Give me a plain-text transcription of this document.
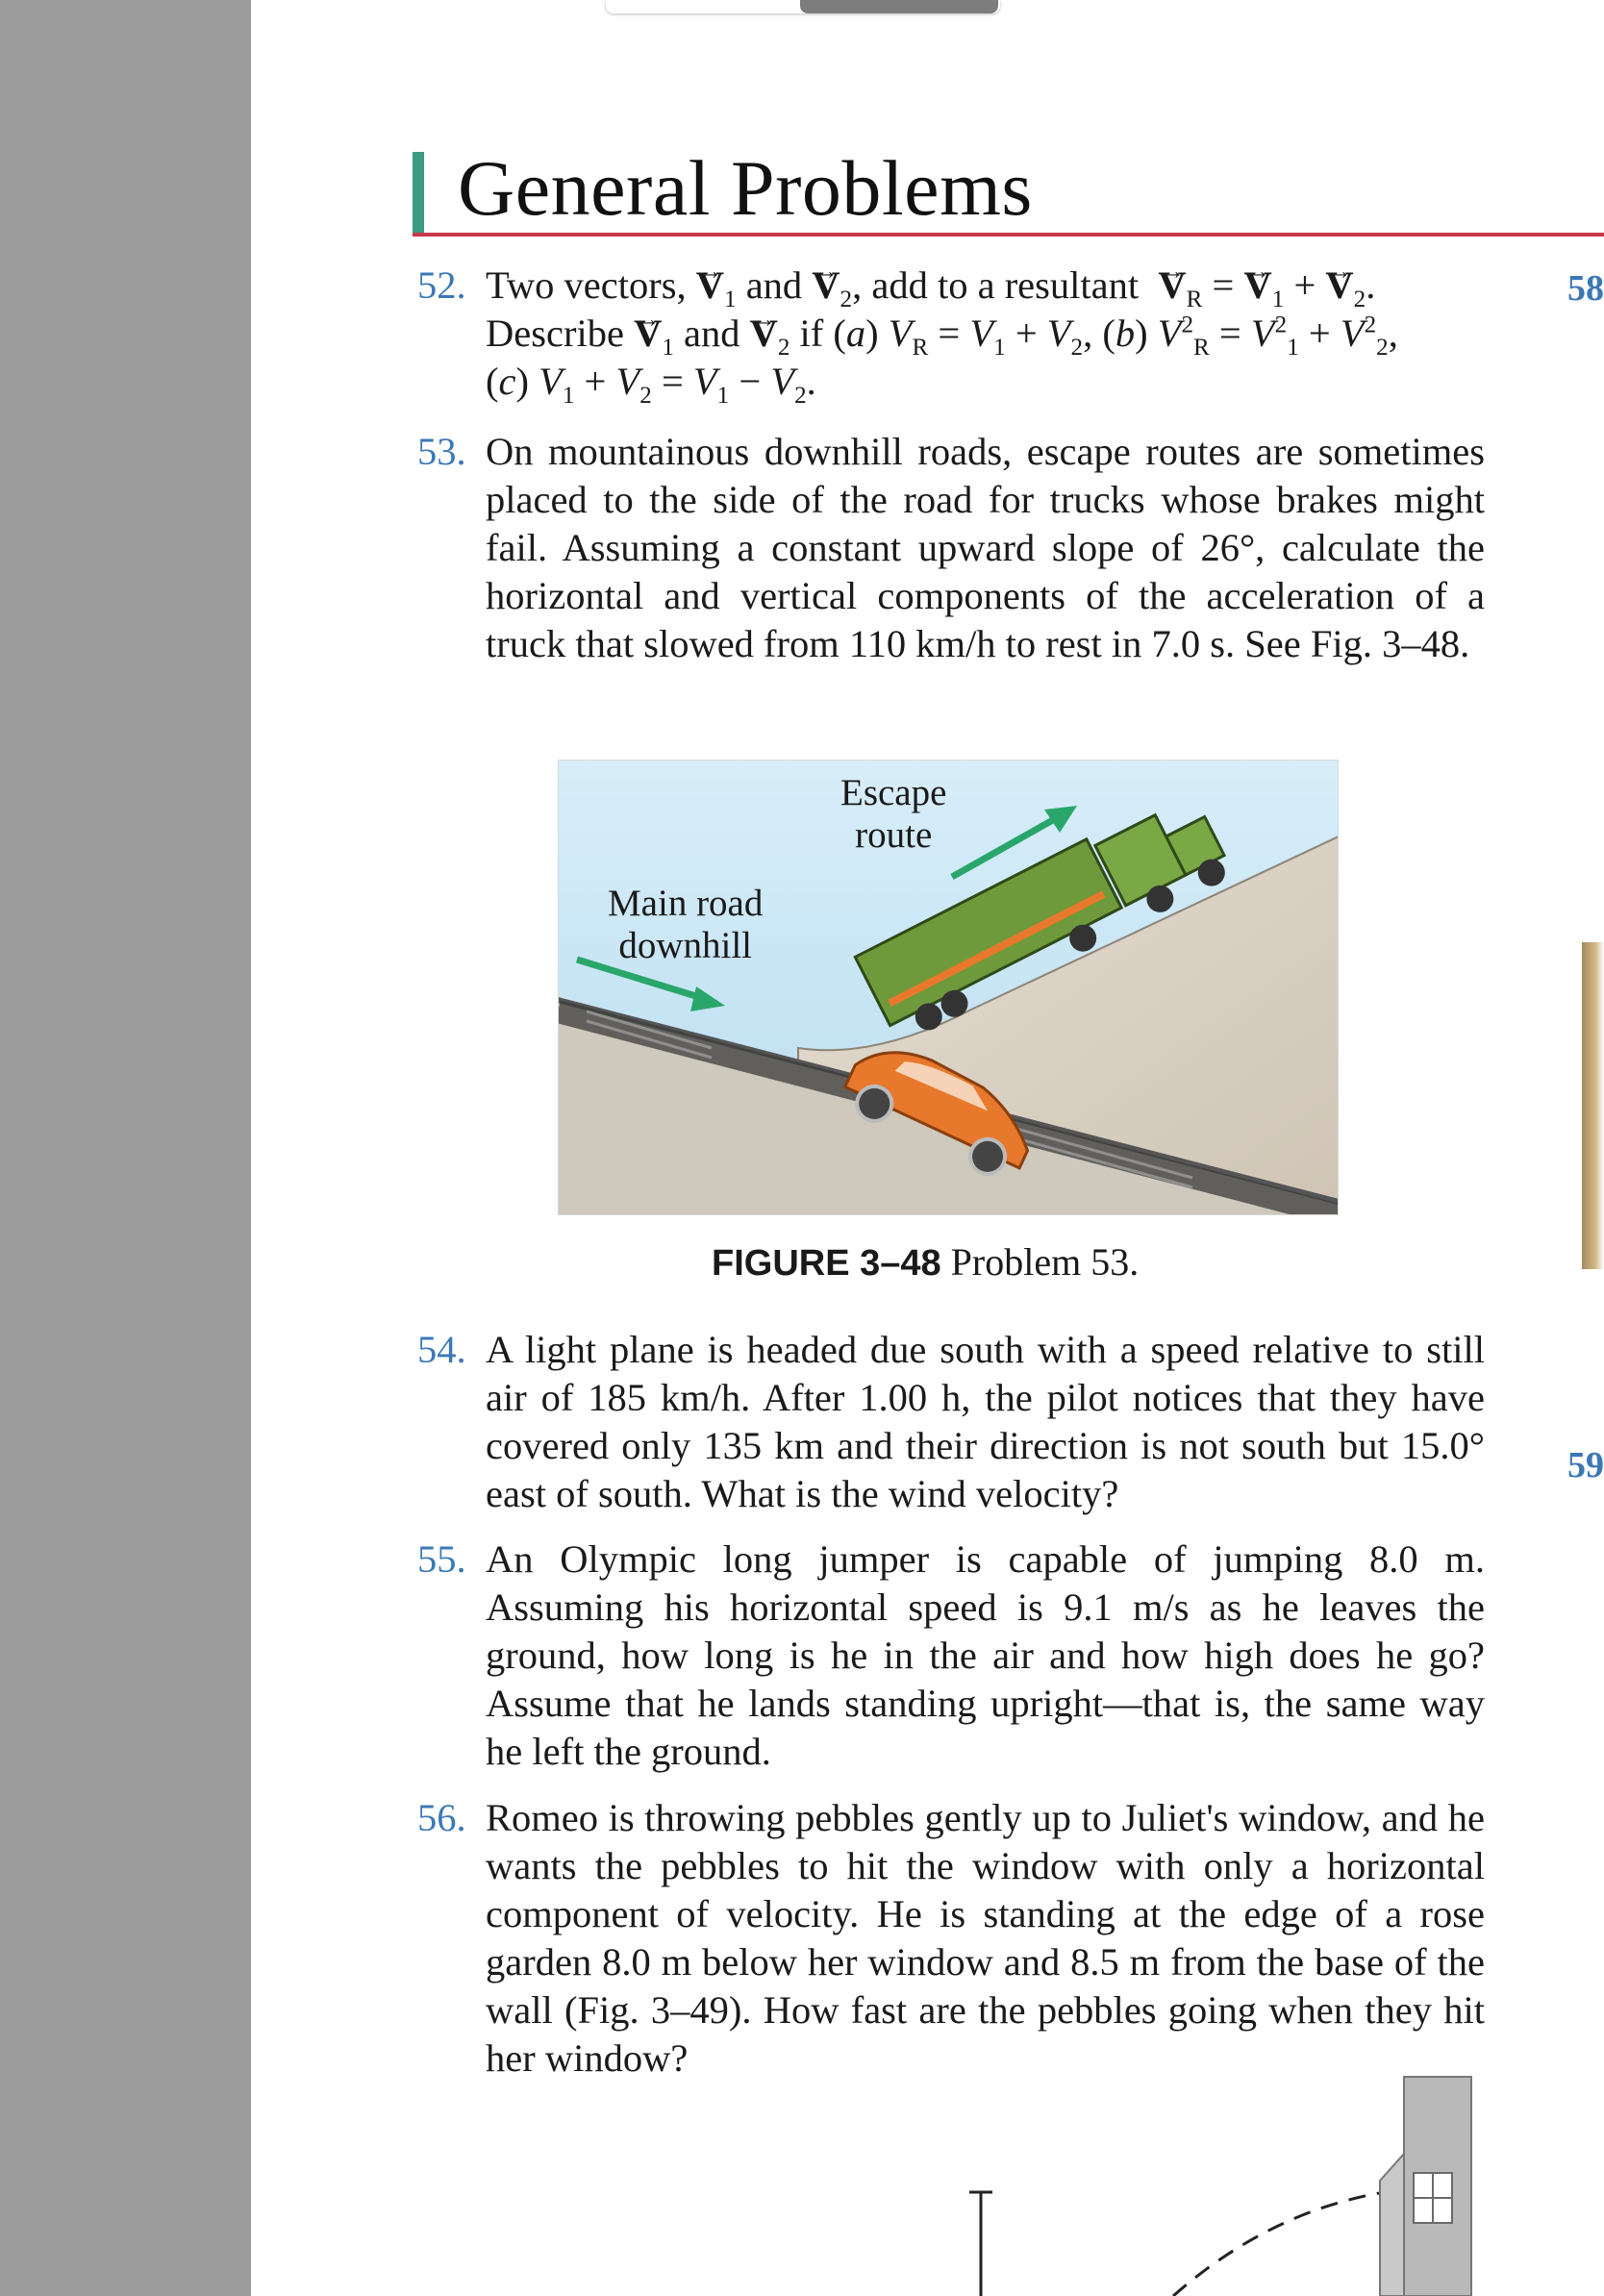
General Problems
52. Two vectors, → $V_1$ and → $V_2$, add to a resultant  → $V_R$ = → $V_1$ + → $V_2$.
Describe → $V_1$ and → $V_2$ if (a) $V_R = V_1 + V_2$, (b) $V^2_R = V^2_1 + V^2_2$,
(c) $V_1 + V_2 = V_1 - V_2$.
53. On mountainous downhill roads, escape routes are sometimes placed to the side of the road for trucks whose brakes might fail. Assuming a constant upward slope of 26°, calculate the horizontal and vertical components of the acceleration of a truck that slowed from 110 km/h to rest in 7.0 s. See Fig. 3–48.
Escape
route
Main road
downhill
FIGURE 3–48 Problem 53.
54. A light plane is headed due south with a speed relative to still air of 185 km/h. After 1.00 h, the pilot notices that they have covered only 135 km and their direction is not south but 15.0° east of south. What is the wind velocity?
55. An Olympic long jumper is capable of jumping 8.0 m. Assuming his horizontal speed is 9.1 m/s as he leaves the ground, how long is he in the air and how high does he go? Assume that he lands standing upright—that is, the same way he left the ground.
56. Romeo is throwing pebbles gently up to Juliet's window, and he wants the pebbles to hit the window with only a horizontal component of velocity. He is standing at the edge of a rose garden 8.0 m below her window and 8.5 m from the base of the wall (Fig. 3–49). How fast are the pebbles going when they hit her window?
58
59
